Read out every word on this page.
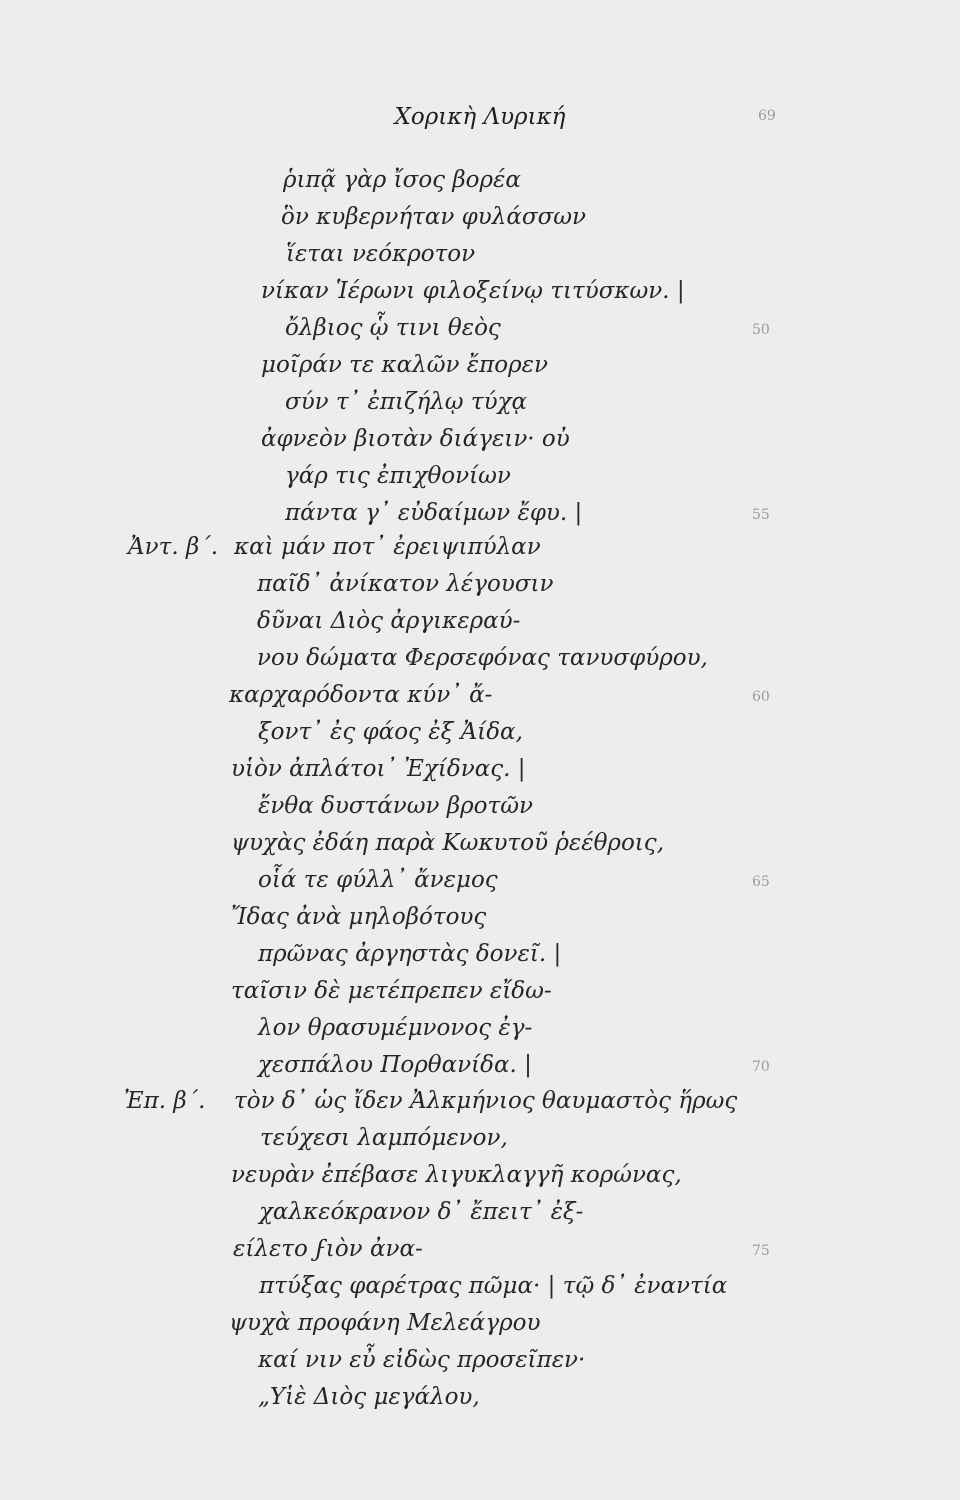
Χορικὴ Λυρική	69
ῥιπᾷ γὰρ ἴσος βορέα
ὃν κυβερνήταν φυλάσσων
ἵεται νεόκροτον
νίκαν Ἱέρωνι φιλοξείνῳ τιτύσκων. |
ὄλβιος ᾧ τινι θεὸς
μοῖράν τε καλῶν ἔπορεν
σύν τ᾽ ἐπιζήλῳ τύχᾳ
ἀφνεὸν βιοτὰν διάγειν· οὐ
γάρ τις ἐπιχθονίων
πάντα γ᾽ εὐδαίμων ἔφυ. |
Ἀντ. β΄. καὶ μάν ποτ᾽ ἐρειψιπύλαν
παῖδ᾽ ἀνίκατον λέγουσιν
δῦναι Διὸς ἀργικεραύ-
νου δώματα Φερσεφόνας τανυσφύρου,
καρχαρόδοντα κύν᾽ ἄ-
ξοντ᾽ ἐς φάος ἐξ Ἀίδα,
υἱὸν ἀπλάτοι᾽ Ἐχίδνας. |
ἔνθα δυστάνων βροτῶν
ψυχὰς ἐδάη παρὰ Κωκυτοῦ ῥεέθροις,
οἷά τε φύλλ᾽ ἄνεμος
Ἴδας ἀνὰ μηλοβότους
πρῶνας ἀργηστὰς δονεῖ. |
ταῖσιν δὲ μετέπρεπεν εἴδω-
λον θρασυμέμνονος ἐγ-
χεσπάλου Πορθανίδα. |
Ἐπ. β΄. τὸν δ᾽ ὡς ἴδεν Ἀλκμήνιος θαυμαστὸς ἥρως
τεύχεσι λαμπόμενον,
νευρὰν ἐπέβασε λιγυκλαγγῆ κορώνας,
χαλκεόκρανον δ᾽ ἔπειτ᾽ ἐξ-
είλετο ϝιὸν ἀνα-
πτύξας φαρέτρας πῶμα· | τῷ δ᾽ ἐναντία
ψυχὰ προφάνη Μελεάγρου
καί νιν εὖ εἰδὼς προσεῖπεν·
„Υἱὲ Διὸς μεγάλου,
50
55
60
65
70
75
